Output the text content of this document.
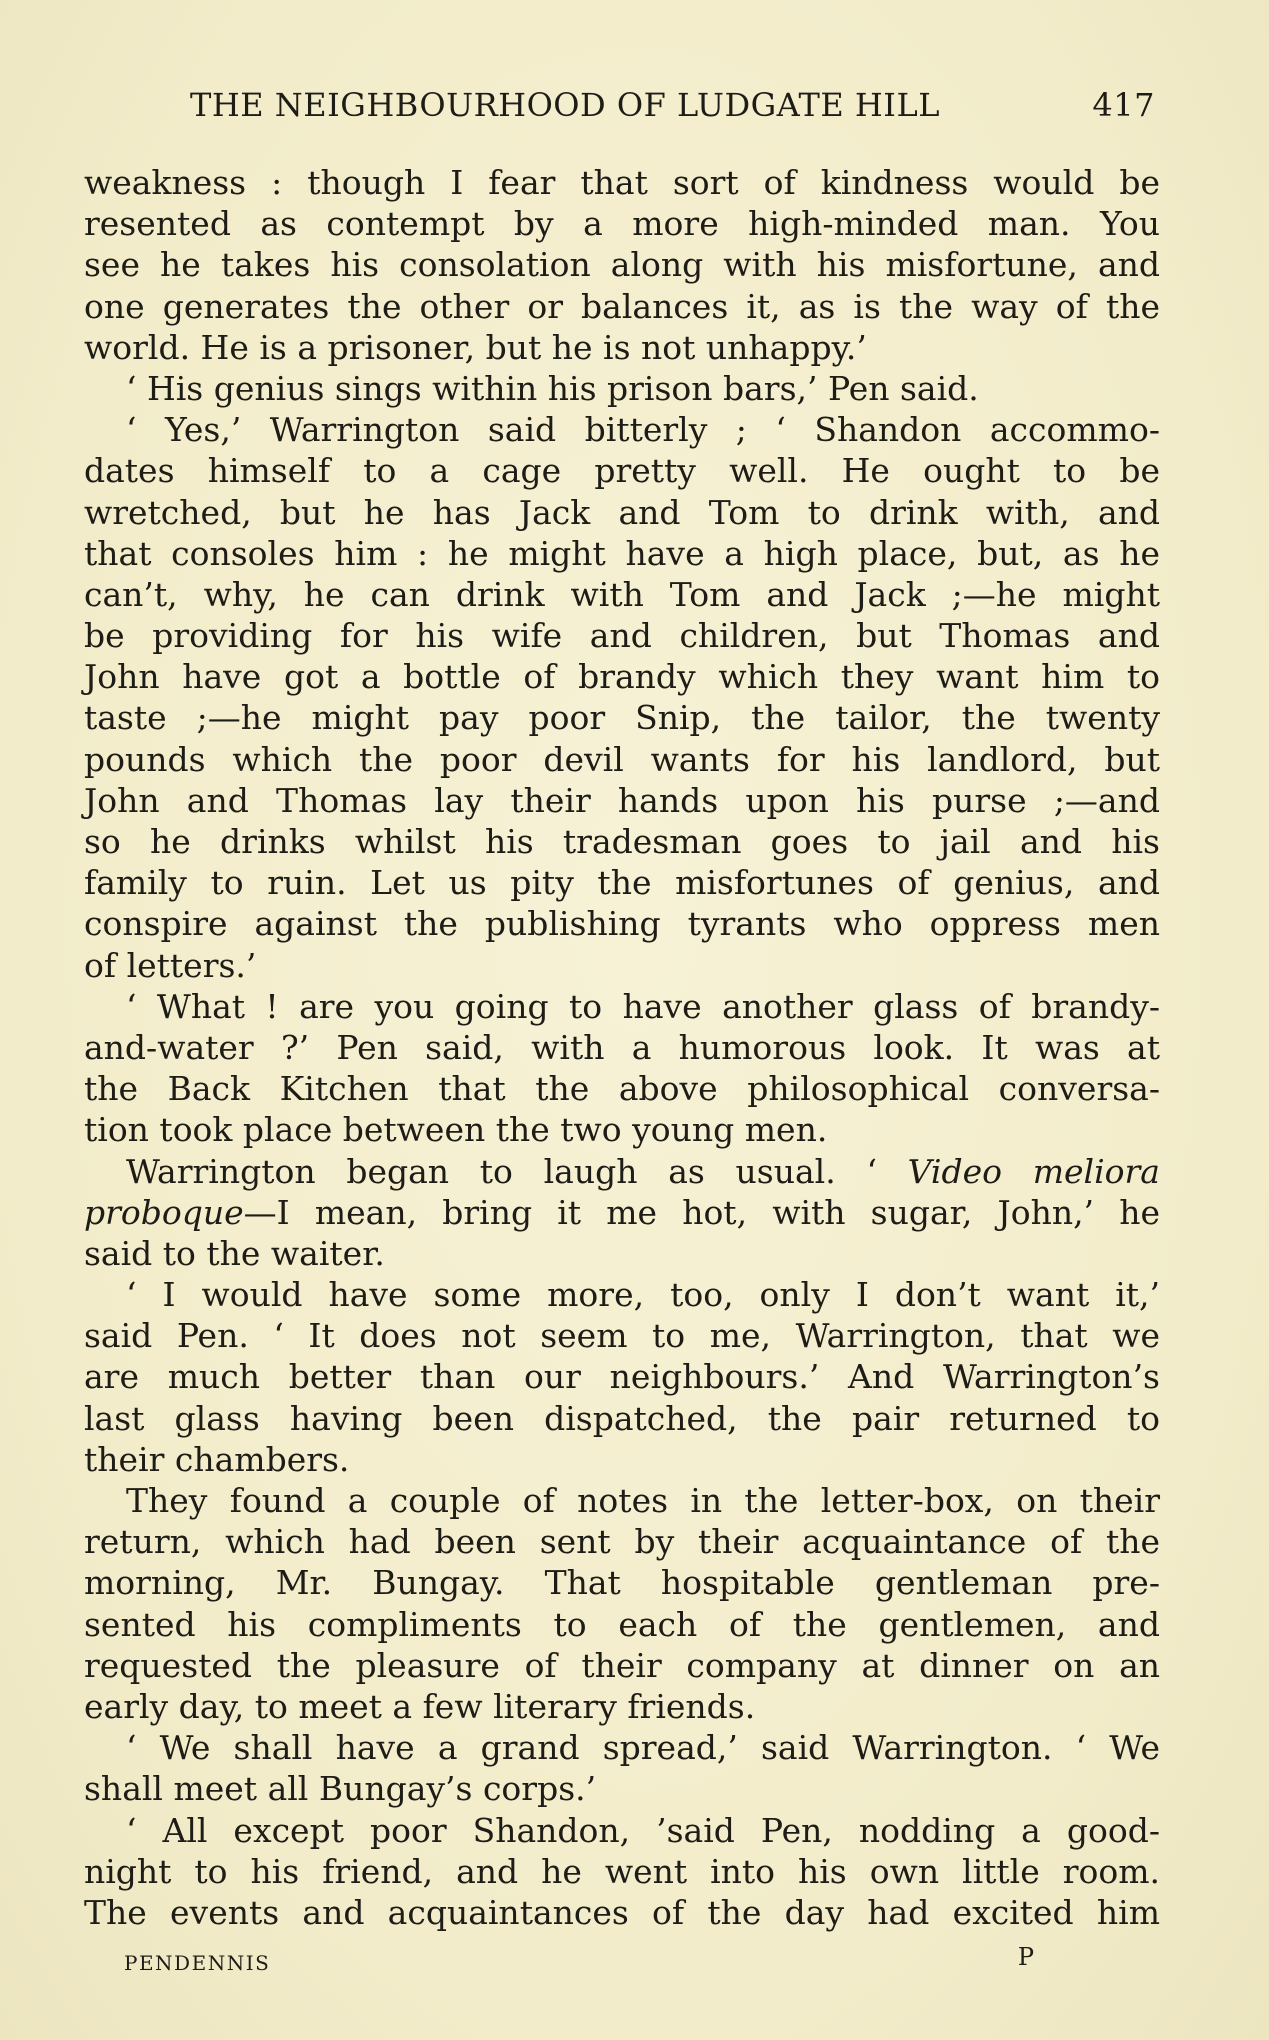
THE NEIGHBOURHOOD OF LUDGATE HILL	417
weakness : though I fear that sort of kindness would be
resented as contempt by a more high-minded man. You
see he takes his consolation along with his misfortune, and
one generates the other or balances it, as is the way of the
world. He is a prisoner, but he is not unhappy.’
‘ His genius sings within his prison bars,’ Pen said.
‘ Yes,’ Warrington said bitterly ; ‘ Shandon accommo-
dates himself to a cage pretty well. He ought to be
wretched, but he has Jack and Tom to drink with, and
that consoles him : he might have a high place, but, as he
can’t, why, he can drink with Tom and Jack ;—he might
be providing for his wife and children, but Thomas and
John have got a bottle of brandy which they want him to
taste ;—he might pay poor Snip, the tailor, the twenty
pounds which the poor devil wants for his landlord, but
John and Thomas lay their hands upon his purse ;—and
so he drinks whilst his tradesman goes to jail and his
family to ruin. Let us pity the misfortunes of genius, and
conspire against the publishing tyrants who oppress men
of letters.’
‘ What ! are you going to have another glass of brandy-
and-water ?’ Pen said, with a humorous look. It was at
the Back Kitchen that the above philosophical conversa-
tion took place between the two young men.
Warrington began to laugh as usual. ‘ Video meliora
proboque—I mean, bring it me hot, with sugar, John,’ he
said to the waiter.
‘ I would have some more, too, only I don’t want it,’
said Pen. ‘ It does not seem to me, Warrington, that we
are much better than our neighbours.’ And Warrington’s
last glass having been dispatched, the pair returned to
their chambers.
They found a couple of notes in the letter-box, on their
return, which had been sent by their acquaintance of the
morning, Mr. Bungay. That hospitable gentleman pre-
sented his compliments to each of the gentlemen, and
requested the pleasure of their company at dinner on an
early day, to meet a few literary friends.
‘ We shall have a grand spread,’ said Warrington. ‘ We
shall meet all Bungay’s corps.’
‘ All except poor Shandon, ’said Pen, nodding a good-
night to his friend, and he went into his own little room.
The events and acquaintances of the day had excited him
PENDENNIS	P
